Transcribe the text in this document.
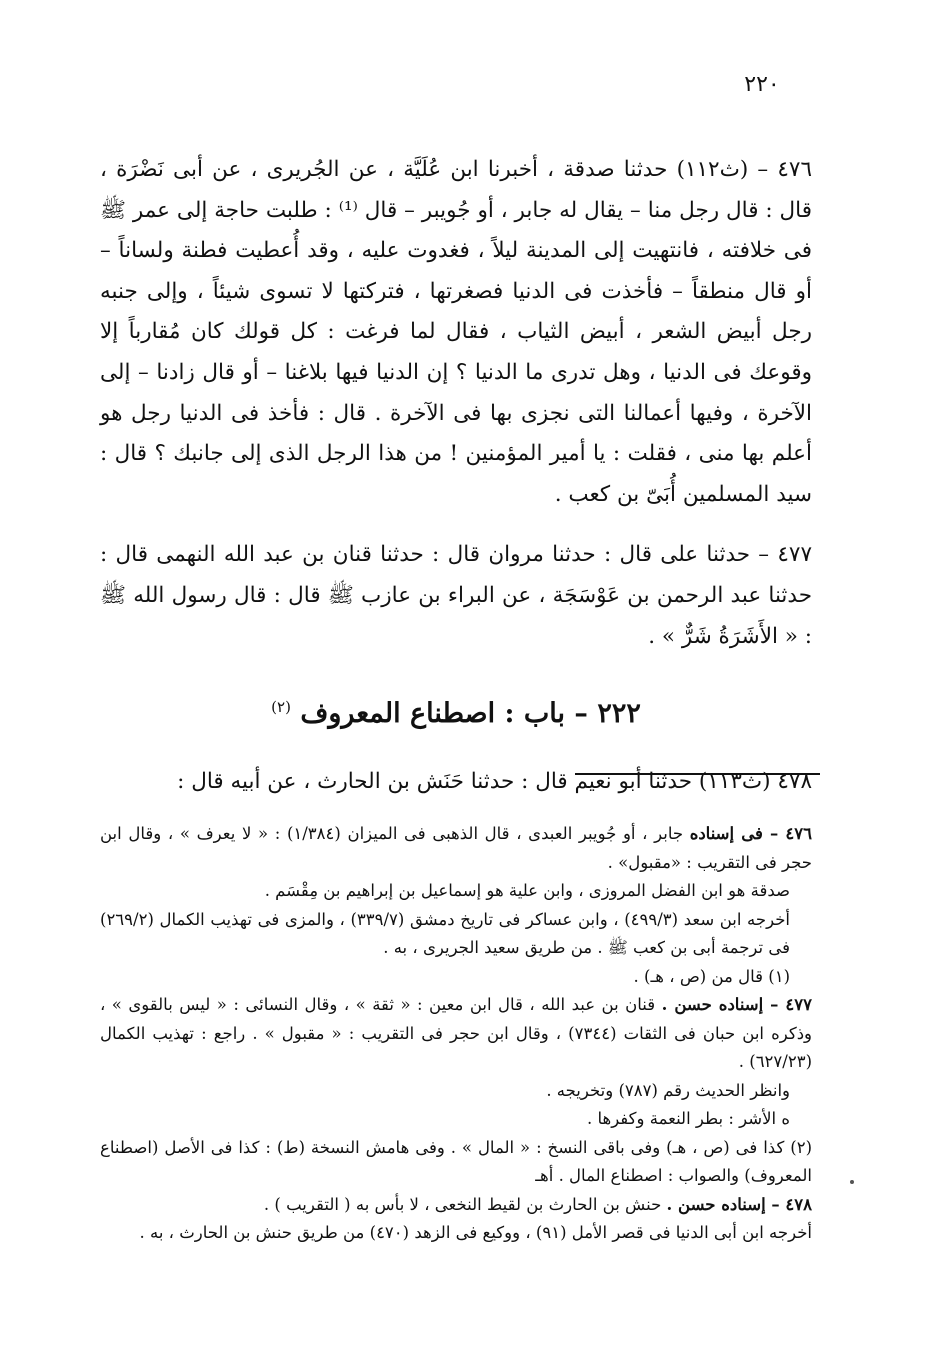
٢٢٠

٤٧٦ – (ث١١٢) حدثنا صدقة ، أخبرنا ابن عُلَيَّة ، عن الجُريرى ، عن أبى نَضْرَة ، قال : قال رجل منا – يقال له جابر ، أو جُويبر – قال ⁽¹⁾ : طلبت حاجة إلى عمر ﷺ فى خلافته ، فانتهيت إلى المدينة ليلاً ، فغدوت عليه ، وقد أُعطيت فطنة ولساناً – أو قال منطقاً – فأخذت فى الدنيا فصغرتها ، فتركتها لا تسوى شيئاً ، وإلى جنبه رجل أبيض الشعر ، أبيض الثياب ، فقال لما فرغت : كل قولك كان مُقارباً إلا وقوعك فى الدنيا ، وهل تدرى ما الدنيا ؟ إن الدنيا فيها بلاغنا – أو قال زادنا – إلى الآخرة ، وفيها أعمالنا التى نجزى بها فى الآخرة . قال : فأخذ فى الدنيا رجل هو أعلم بها منى ، فقلت : يا أمير المؤمنين ! من هذا الرجل الذى إلى جانبك ؟ قال : سيد المسلمين أُبَىّ بن كعب .

٤٧٧ – حدثنا على قال : حدثنا مروان قال : حدثنا قنان بن عبد الله النهمى قال : حدثنا عبد الرحمن بن عَوْسَجَة ، عن البراء بن عازب ﷺ قال : قال رسول الله ﷺ : « الأَشَرَةُ شَرٌّ » .

٢٢٢ – باب : اصطناع المعروف $^{(٢)}$

٤٧٨ (ث١١٣) حدثنا أبو نعيم قال : حدثنا حَنَش بن الحارث ، عن أبيه قال :

٤٧٦ – فى إسناده جابر ، أو جُويبر العبدى ، قال الذهبى فى الميزان (١/٣٨٤) : « لا يعرف » ، وقال ابن حجر فى التقريب : «مقبول» .

صدقة هو ابن الفضل المروزى ، وابن علية هو إسماعيل بن إبراهيم بن مِقْسَم .

أخرجه ابن سعد (٤٩٩/٣) ، وابن عساكر فى تاريخ دمشق (٣٣٩/٧) ، والمزى فى تهذيب الكمال (٢٦٩/٢) فى ترجمة أبى بن كعب ﷺ . من طريق سعيد الجريرى ، به .

(١) قال من (ص ، هـ) .

٤٧٧ – إسناده حسن . قنان بن عبد الله ، قال ابن معين : « ثقة » ، وقال النسائى : « ليس بالقوى » ، وذكره ابن حبان فى الثقات (٧٣٤٤) ، وقال ابن حجر فى التقريب : « مقبول » . راجع : تهذيب الكمال (٦٢٧/٢٣) .

وانظر الحديث رقم (٧٨٧) وتخريجه .

ه الأشر : بطر النعمة وكفرها .

(٢) كذا فى (ص ، هـ) وفى باقى النسخ : « المال » . وفى هامش النسخة (ط) : كذا فى الأصل (اصطناع المعروف) والصواب : اصطناع المال . أهـ

٤٧٨ – إسناده حسن . حنش بن الحارث بن لقيط النخعى ، لا بأس به ( التقريب ) .

أخرجه ابن أبى الدنيا فى قصر الأمل (٩١) ، ووكيع فى الزهد (٤٧٠) من طريق حنش بن الحارث ، به .
